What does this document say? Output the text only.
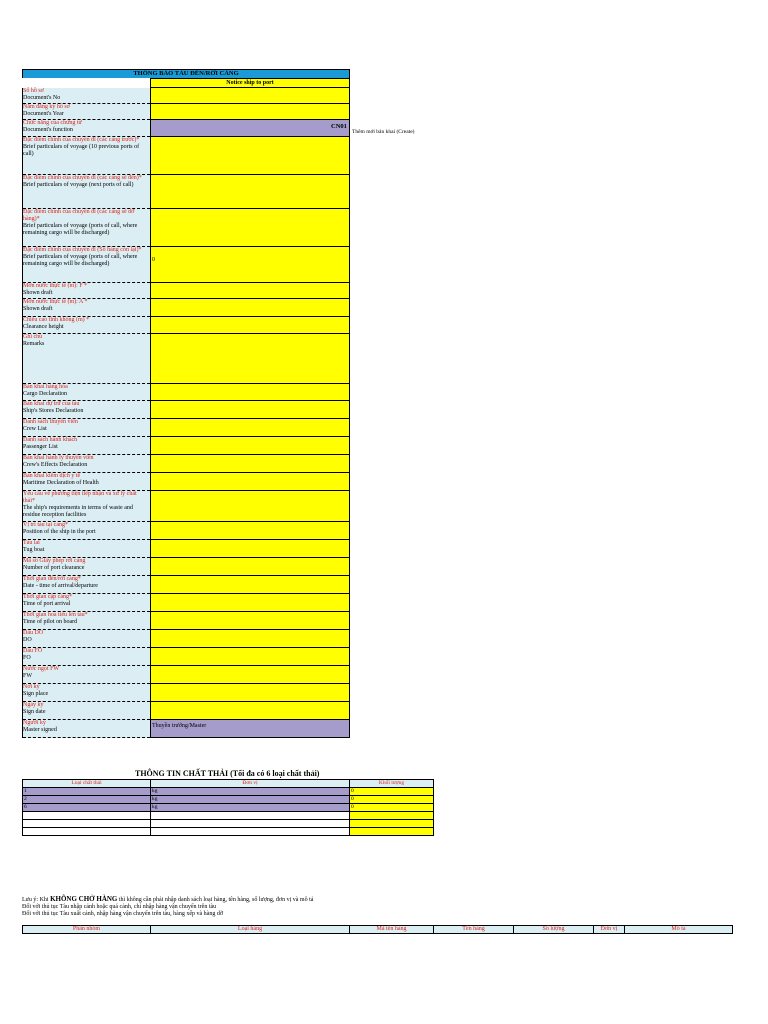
THÔNG BÁO TÀU ĐẾN/RỜI CẢNG
Notice ship to port
Số hồ sơ
Document's No	

Năm đăng ký hồ sơ
Document's Year	

Chức năng của chứng từ
Document's function	CN01

Đặc điểm chính của chuyến đi (các cảng trước)*
Brief particulars of voyage (10 previous ports of call)	

Đặc điểm chính của chuyến đi (các cảng sẽ đến)*
Brief particulars of voyage (next ports of call)	

Đặc điểm chính của chuyến đi (các cảng sẽ dỡ hàng)*
Brief particulars of voyage (ports of call, where remaining cargo will be discharged)	

Đặc điểm chính của chuyến đi (Số hàng còn lại)*
Brief particulars of voyage (ports of call, where remaining cargo will be discharged)	0

Mớn nước thực tế (m): F *
Shown draft	

Mớn nước thực tế (m): A *
Shown draft	

Chiều cao tĩnh không (m) *
Clearance height	

Ghi chú
Remarks	

Bản khai hàng hóa
Cargo Declaration	

Bản khai dự trữ của tàu
Ship's Stores Declaration	

Danh sách thuyền viên
Crew List	

Danh sách hành khách
Passenger List	

Bản khai hành lý thuyền viên
Crew's Effects Declaration	

Bản khai kiểm dịch y tế
Maritime Declaration of Health	

Yêu cầu về phương tiện tiếp nhận và xử lý chất thải*
The ship's requirements in terms of waste and residue reception facilities	

Vị trí tàu tại cảng*
Position of the ship in the port	

Tàu lai
Tug boat	

Mã số Giấy phép rời cảng
Number of port clearance	

Thời gian đến/rời cảng*
Date - time of arrival/departure	

Thời gian cập cảng*
Time of port arrival	

Thời gian hoa tiêu lên tàu*
Time of pilot on board	

Dầu DO
DO	

Dầu FO
FO	

Nước ngọt FW
FW	

Nơi ký
Sign place	

Ngày ký
Sign date	

Người ký
Master signed	Thuyền trưởng/Master
THÔNG TIN CHẤT THẢI (Tối đa có 6 loại chất thải)
Loại chất thải	Đơn vị	Khối lượng
1	kg	0
2	kg	0
6	kg	0

Lưu ý: Khi KHÔNG CHỞ HÀNG thì không cần phải nhập danh sách loại hàng, tên hàng, số lượng, đơn vị và mô tả
Đối với thủ tục Tàu nhập cảnh hoặc quá cảnh, chỉ nhập hàng vận chuyển trên tàu
Đối với thủ tục Tàu xuất cảnh, nhập hàng vận chuyển trên tàu, hàng xếp và hàng dỡ
Phân nhóm	Loại hàng	Mã tên hàng	Tên hàng	Số lượng	Đơn vị	Mô tả
Thêm mới bản khai (Create)
